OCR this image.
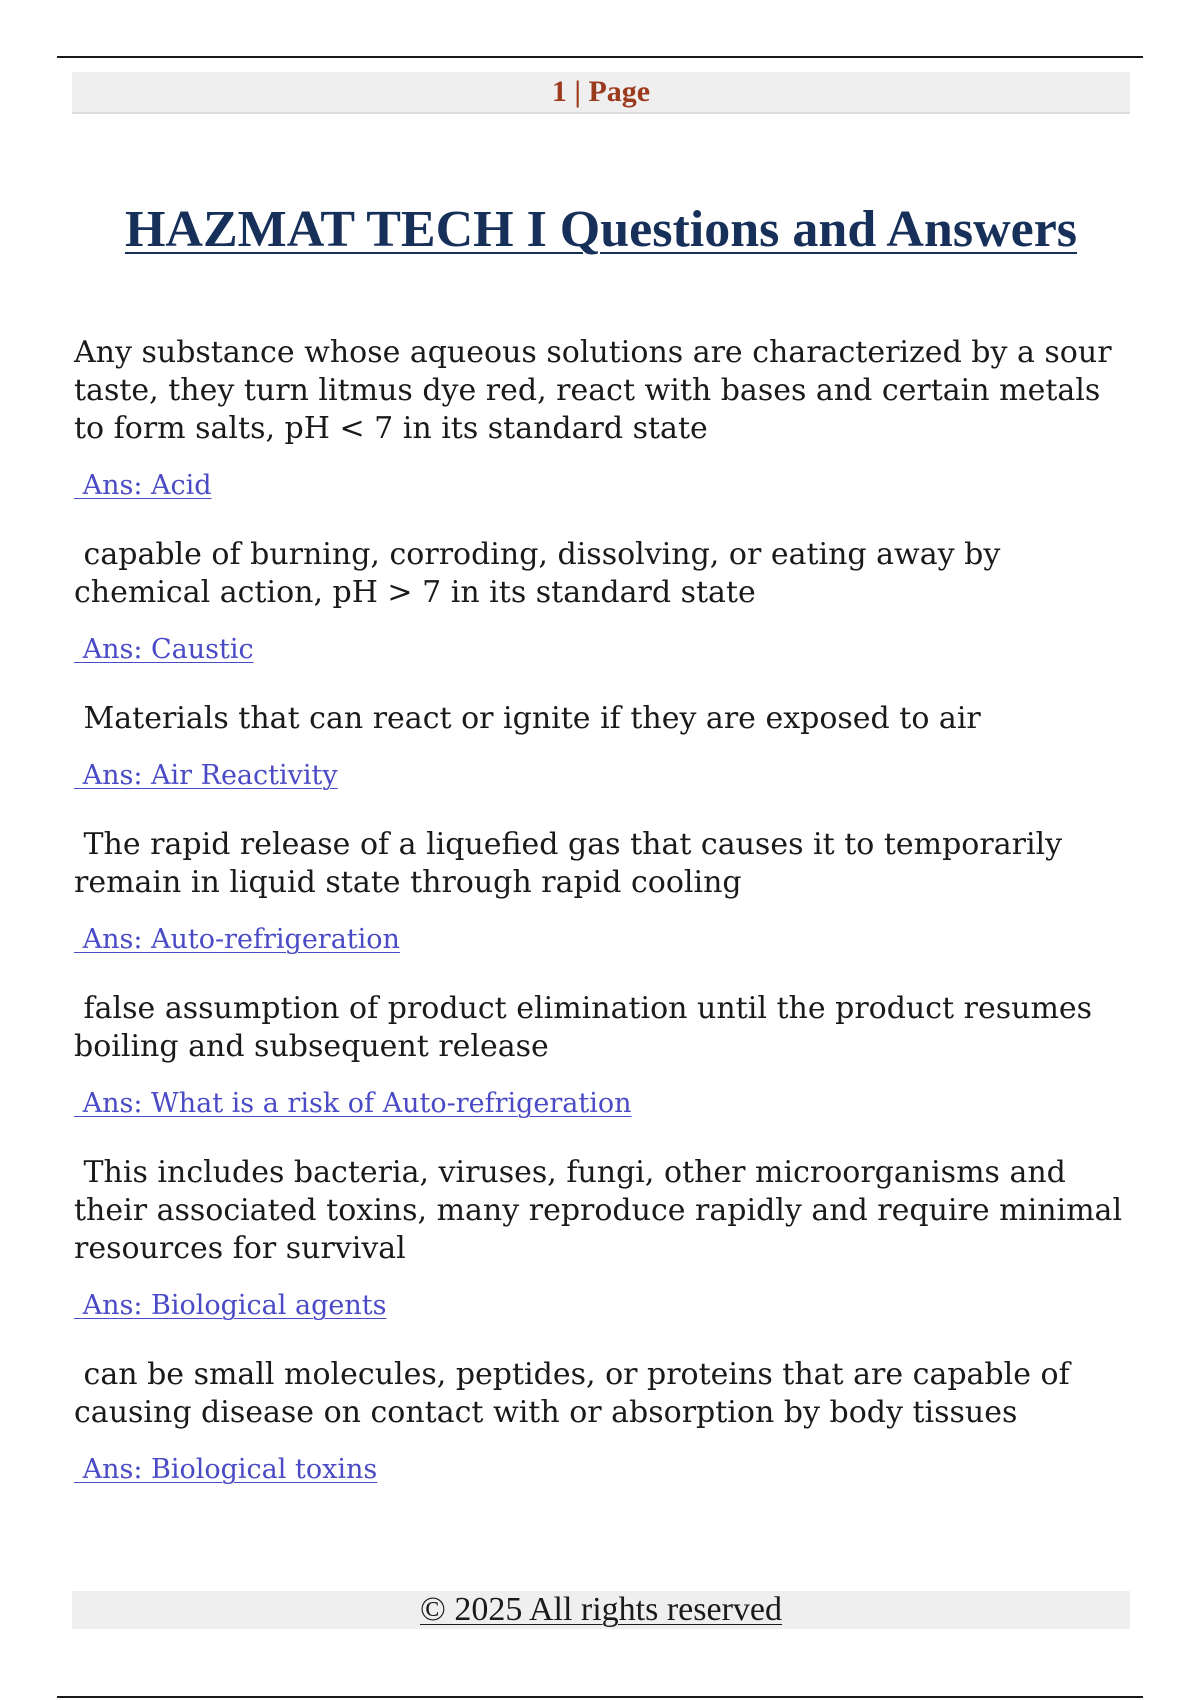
1 | Page
HAZMAT TECH I Questions and Answers

Any substance whose aqueous solutions are characterized by a sour taste, they turn litmus dye red, react with bases and certain metals to form salts, pH < 7 in its standard state

Ans: Acid

capable of burning, corroding, dissolving, or eating away by chemical action, pH > 7 in its standard state

Ans: Caustic

Materials that can react or ignite if they are exposed to air

Ans: Air Reactivity

The rapid release of a liquefied gas that causes it to temporarily remain in liquid state through rapid cooling

Ans: Auto-refrigeration

false assumption of product elimination until the product resumes boiling and subsequent release

Ans: What is a risk of Auto-refrigeration

This includes bacteria, viruses, fungi, other microorganisms and their associated toxins, many reproduce rapidly and require minimal resources for survival

Ans: Biological agents

can be small molecules, peptides, or proteins that are capable of causing disease on contact with or absorption by body tissues

Ans: Biological toxins
© 2025 All rights reserved
